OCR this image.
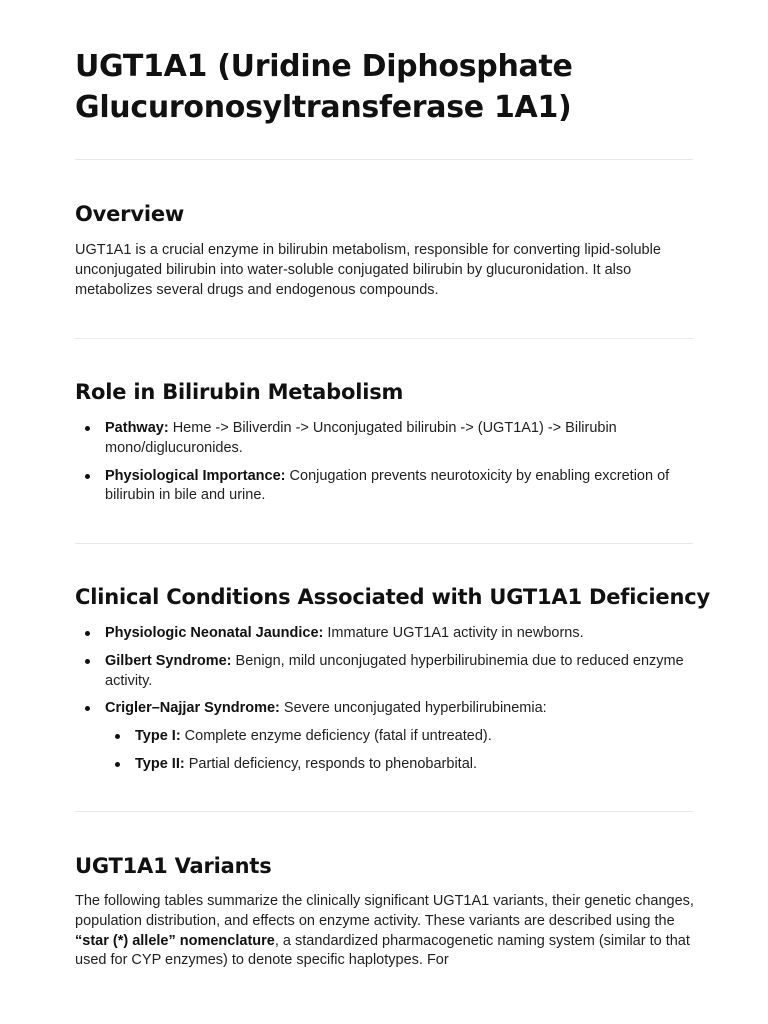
UGT1A1 (Uridine Diphosphate Glucuronosyltransferase 1A1)
Overview

UGT1A1 is a crucial enzyme in bilirubin metabolism, responsible for converting lipid-soluble unconjugated bilirubin into water-soluble conjugated bilirubin by glucuronidation. It also metabolizes several drugs and endogenous compounds.

Role in Bilirubin Metabolism
Pathway: Heme -> Biliverdin -> Unconjugated bilirubin -> (UGT1A1) -> Bilirubin mono/diglucuronides.
Physiological Importance: Conjugation prevents neurotoxicity by enabling excretion of bilirubin in bile and urine.
Clinical Conditions Associated with UGT1A1 Deficiency
Physiologic Neonatal Jaundice: Immature UGT1A1 activity in newborns.
Gilbert Syndrome: Benign, mild unconjugated hyperbilirubinemia due to reduced enzyme activity.
Crigler–Najjar Syndrome: Severe unconjugated hyperbilirubinemia:
Type I: Complete enzyme deficiency (fatal if untreated).
Type II: Partial deficiency, responds to phenobarbital.
UGT1A1 Variants

The following tables summarize the clinically significant UGT1A1 variants, their genetic changes, population distribution, and effects on enzyme activity. These variants are described using the “star (*) allele” nomenclature, a standardized pharmacogenetic naming system (similar to that used for CYP enzymes) to denote specific haplotypes. For
